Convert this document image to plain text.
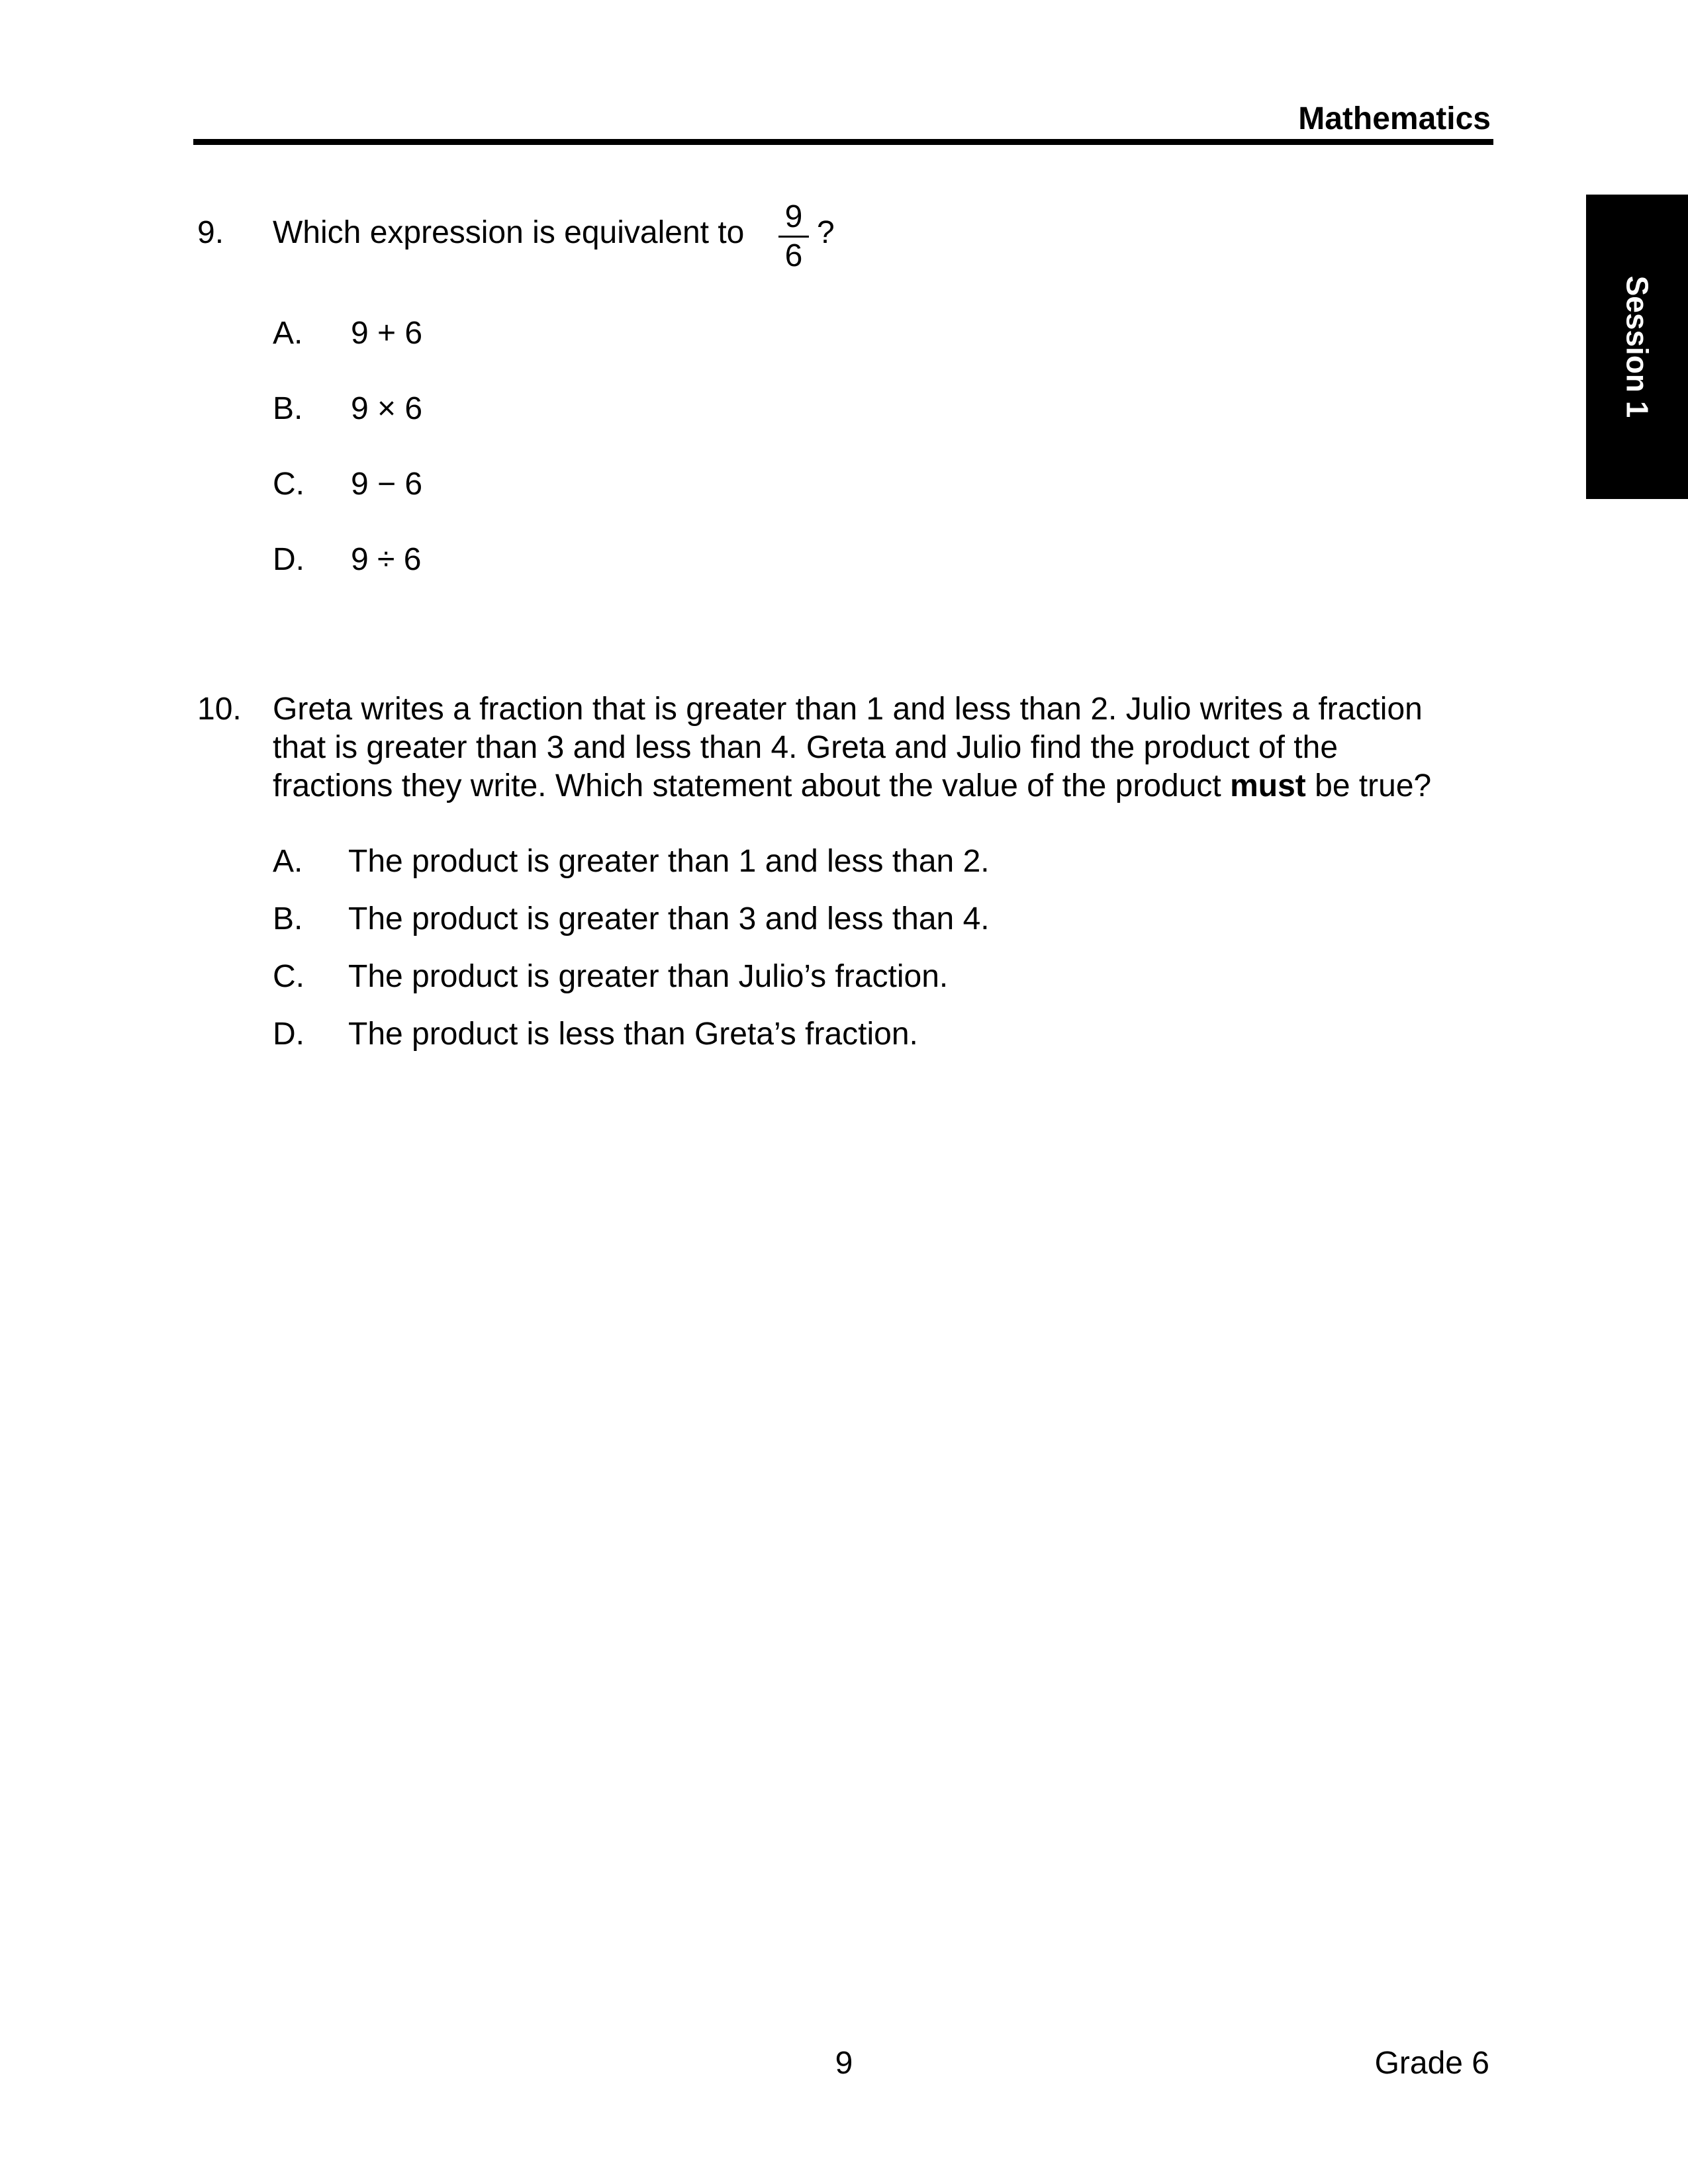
Mathematics
Session 1
9. Which expression is equivalent to 9
6
?
A. 9 + 6
B. 9 × 6
C. 9 − 6
D. 9 ÷ 6
10. Greta writes a fraction that is greater than 1 and less than 2. Julio writes a fraction
that is greater than 3 and less than 4. Greta and Julio find the product of the
fractions they write. Which statement about the value of the product must be true?
A. The product is greater than 1 and less than 2.
B. The product is greater than 3 and less than 4.
C. The product is greater than Julio’s fraction.
D. The product is less than Greta’s fraction.
9	Grade 6
